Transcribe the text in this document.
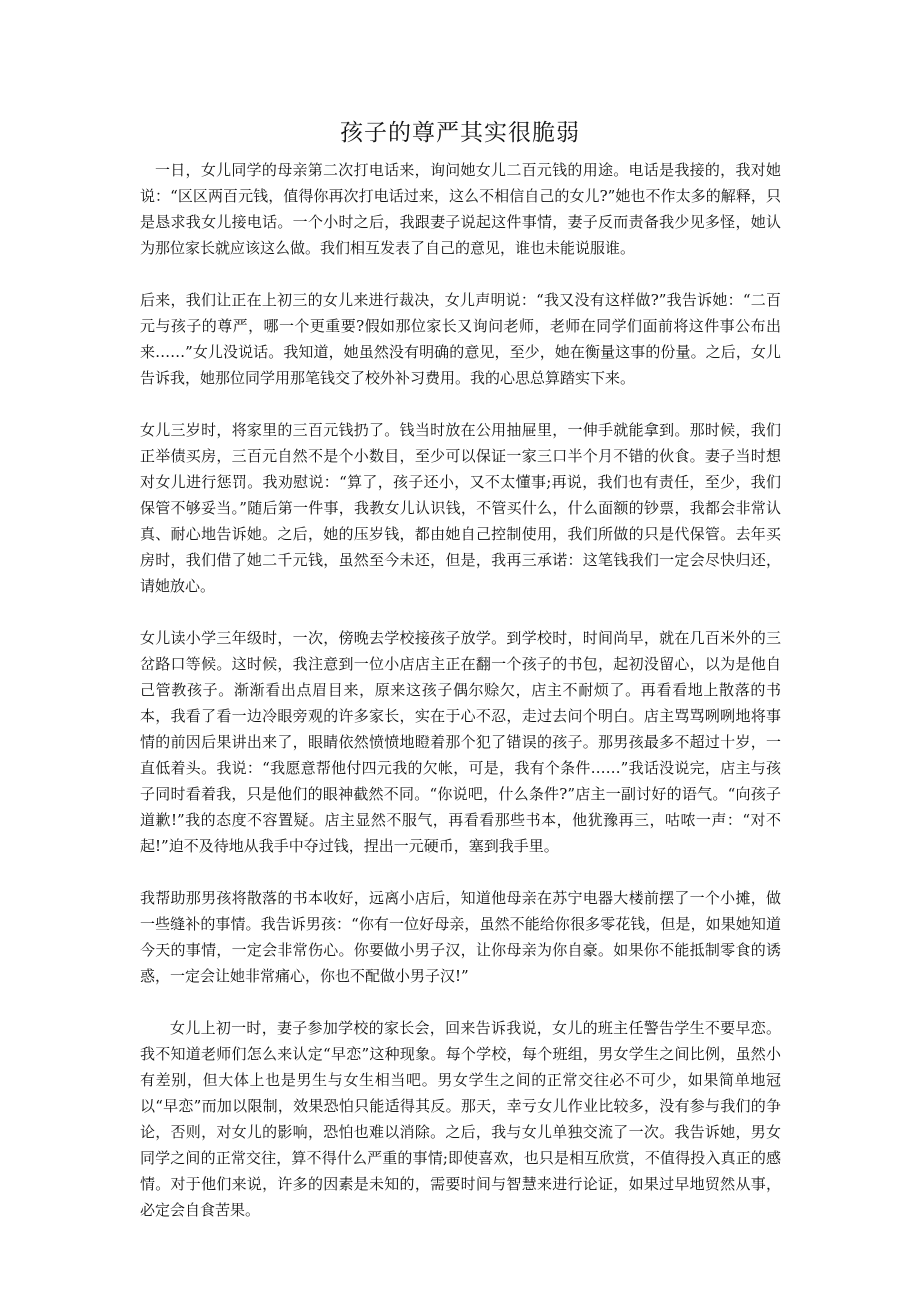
孩子的尊严其实很脆弱

一日，女儿同学的母亲第二次打电话来，询问她女儿二百元钱的用途。电话是我接的，我对她说：“区区两百元钱，值得你再次打电话过来，这么不相信自己的女儿?”她也不作太多的解释，只是恳求我女儿接电话。一个小时之后，我跟妻子说起这件事情，妻子反而责备我少见多怪，她认为那位家长就应该这么做。我们相互发表了自己的意见，谁也未能说服谁。

后来，我们让正在上初三的女儿来进行裁决，女儿声明说：“我又没有这样做?”我告诉她：“二百元与孩子的尊严，哪一个更重要?假如那位家长又询问老师，老师在同学们面前将这件事公布出来……”女儿没说话。我知道，她虽然没有明确的意见，至少，她在衡量这事的份量。之后，女儿告诉我，她那位同学用那笔钱交了校外补习费用。我的心思总算踏实下来。

女儿三岁时，将家里的三百元钱扔了。钱当时放在公用抽屉里，一伸手就能拿到。那时候，我们正举债买房，三百元自然不是个小数目，至少可以保证一家三口半个月不错的伙食。妻子当时想对女儿进行惩罚。我劝慰说：“算了，孩子还小，又不太懂事;再说，我们也有责任，至少，我们保管不够妥当。”随后第一件事，我教女儿认识钱，不管买什么，什么面额的钞票，我都会非常认真、耐心地告诉她。之后，她的压岁钱，都由她自己控制使用，我们所做的只是代保管。去年买房时，我们借了她二千元钱，虽然至今未还，但是，我再三承诺：这笔钱我们一定会尽快归还，请她放心。

女儿读小学三年级时，一次，傍晚去学校接孩子放学。到学校时，时间尚早，就在几百米外的三岔路口等候。这时候，我注意到一位小店店主正在翻一个孩子的书包，起初没留心，以为是他自己管教孩子。渐渐看出点眉目来，原来这孩子偶尔赊欠，店主不耐烦了。再看看地上散落的书本，我看了看一边冷眼旁观的许多家长，实在于心不忍，走过去问个明白。店主骂骂咧咧地将事情的前因后果讲出来了，眼睛依然愤愤地瞪着那个犯了错误的孩子。那男孩最多不超过十岁，一直低着头。我说：“我愿意帮他付四元我的欠帐，可是，我有个条件……”我话没说完，店主与孩子同时看着我，只是他们的眼神截然不同。“你说吧，什么条件?”店主一副讨好的语气。“向孩子道歉!”我的态度不容置疑。店主显然不服气，再看看那些书本，他犹豫再三，咕哝一声：“对不起!”迫不及待地从我手中夺过钱，捏出一元硬币，塞到我手里。

我帮助那男孩将散落的书本收好，远离小店后，知道他母亲在苏宁电器大楼前摆了一个小摊，做一些缝补的事情。我告诉男孩：“你有一位好母亲，虽然不能给你很多零花钱，但是，如果她知道今天的事情，一定会非常伤心。你要做小男子汉，让你母亲为你自豪。如果你不能抵制零食的诱惑，一定会让她非常痛心，你也不配做小男子汉!”

女儿上初一时，妻子参加学校的家长会，回来告诉我说，女儿的班主任警告学生不要早恋。我不知道老师们怎么来认定“早恋”这种现象。每个学校，每个班组，男女学生之间比例，虽然小有差别，但大体上也是男生与女生相当吧。男女学生之间的正常交往必不可少，如果简单地冠以“早恋”而加以限制，效果恐怕只能适得其反。那天，幸亏女儿作业比较多，没有参与我们的争论，否则，对女儿的影响，恐怕也难以消除。之后，我与女儿单独交流了一次。我告诉她，男女同学之间的正常交往，算不得什么严重的事情;即使喜欢，也只是相互欣赏，不值得投入真正的感情。对于他们来说，许多的因素是未知的，需要时间与智慧来进行论证，如果过早地贸然从事，必定会自食苦果。
